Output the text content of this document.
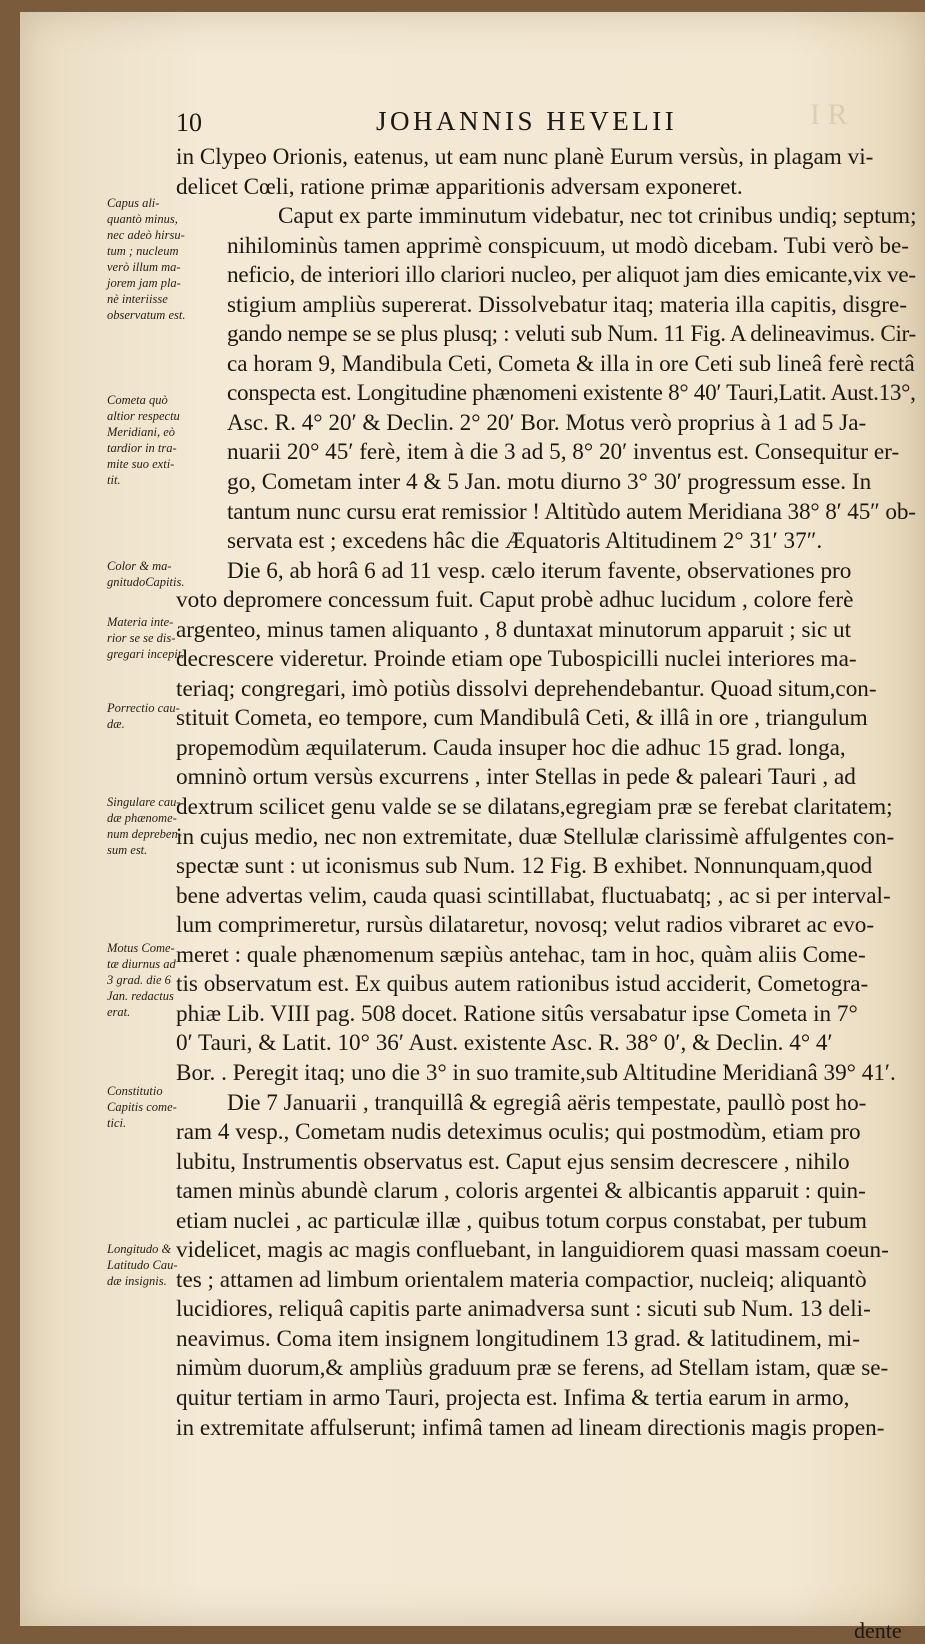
I R
10	JOHANNIS HEVELII
Capus ali-
quantò minus,
nec adeò hirsu-
tum ; nucleum
verò illum ma-
jorem jam pla-
nè interiisse
observatum est.
Cometa quò
altior respectu
Meridiani, eò
tardior in tra-
mite suo exti-
tit.
Color & ma-
gnitudoCapitis.
Materia inte-
rior se se dis-
gregari incepit.
Porrectio cau-
dæ.
Singulare cau-
dæ phænome-
num depreben-
sum est.
Motus Come-
tæ diurnus ad
3 grad. die 6
Jan. redactus
erat.
Constitutio
Capitis come-
tici.
Longitudo &
Latitudo Cau-
dæ insignis.

in Clypeo Orionis, eatenus, ut eam nunc planè Eurum versùs, in plagam vi-
delicet Cœli, ratione primæ apparitionis adversam exponeret.

Caput ex parte imminutum videbatur, nec tot crinibus undiq; septum;
nihilominùs tamen apprimè conspicuum, ut modò dicebam. Tubi verò be-
neficio, de interiori illo clariori nucleo, per aliquot jam dies emicante,vix ve-
stigium ampliùs supererat. Dissolvebatur itaq; materia illa capitis, disgre-
gando nempe se se plus plusq; : veluti sub Num. 11 Fig. A delineavimus. Cir-
ca horam 9, Mandibula Ceti, Cometa & illa in ore Ceti sub lineâ ferè rectâ
conspecta est. Longitudine phænomeni existente 8° 40′ Tauri,Latit. Aust.13°,
Asc. R. 4° 20′ & Declin. 2° 20′ Bor. Motus verò proprius à 1 ad 5 Ja-
nuarii 20° 45′ ferè, item à die 3 ad 5, 8° 20′ inventus est. Consequitur er-
go, Cometam inter 4 & 5 Jan. motu diurno 3° 30′ progressum esse. In
tantum nunc cursu erat remissior ! Altitùdo autem Meridiana 38° 8′ 45″ ob-
servata est ; excedens hâc die Æquatoris Altitudinem 2° 31′ 37″.

Die 6, ab horâ 6 ad 11 vesp. cælo iterum favente, observationes pro
voto depromere concessum fuit. Caput probè adhuc lucidum , colore ferè
argenteo, minus tamen aliquanto , 8 duntaxat minutorum apparuit ; sic ut
decrescere videretur. Proinde etiam ope Tubospicilli nuclei interiores ma-
teriaq; congregari, imò potiùs dissolvi deprehendebantur. Quoad situm,con-
stituit Cometa, eo tempore, cum Mandibulâ Ceti, & illâ in ore , triangulum
propemodùm æquilaterum. Cauda insuper hoc die adhuc 15 grad. longa,
omninò ortum versùs excurrens , inter Stellas in pede & paleari Tauri , ad
dextrum scilicet genu valde se se dilatans,egregiam præ se ferebat claritatem;
in cujus medio, nec non extremitate, duæ Stellulæ clarissimè affulgentes con-
spectæ sunt : ut iconismus sub Num. 12 Fig. B exhibet. Nonnunquam,quod
bene advertas velim, cauda quasi scintillabat, fluctuabatq; , ac si per interval-
lum comprimeretur, rursùs dilataretur, novosq; velut radios vibraret ac evo-
meret : quale phænomenum sæpiùs antehac, tam in hoc, quàm aliis Come-
tis observatum est. Ex quibus autem rationibus istud acciderit, Cometogra-
phiæ Lib. VIII pag. 508 docet. Ratione sitûs versabatur ipse Cometa in 7°
0′ Tauri, & Latit. 10° 36′ Aust. existente Asc. R. 38° 0′, & Declin. 4° 4′
Bor. . Peregit itaq; uno die 3° in suo tramite,sub Altitudine Meridianâ 39° 41′.

Die 7 Januarii , tranquillâ & egregiâ aëris tempestate, paullò post ho-
ram 4 vesp., Cometam nudis deteximus oculis; qui postmodùm, etiam pro
lubitu, Instrumentis observatus est. Caput ejus sensim decrescere , nihilo
tamen minùs abundè clarum , coloris argentei & albicantis apparuit : quin-
etiam nuclei , ac particulæ illæ , quibus totum corpus constabat, per tubum
videlicet, magis ac magis confluebant, in languidiorem quasi massam coeun-
tes ; attamen ad limbum orientalem materia compactior, nucleiq; aliquantò
lucidiores, reliquâ capitis parte animadversa sunt : sicuti sub Num. 13 deli-
neavimus. Coma item insignem longitudinem 13 grad. & latitudinem, mi-
nimùm duorum,& ampliùs graduum præ se ferens, ad Stellam istam, quæ se-
quitur tertiam in armo Tauri, projecta est. Infima & tertia earum in armo,
in extremitate affulserunt; infimâ tamen ad lineam directionis magis propen-

dente
